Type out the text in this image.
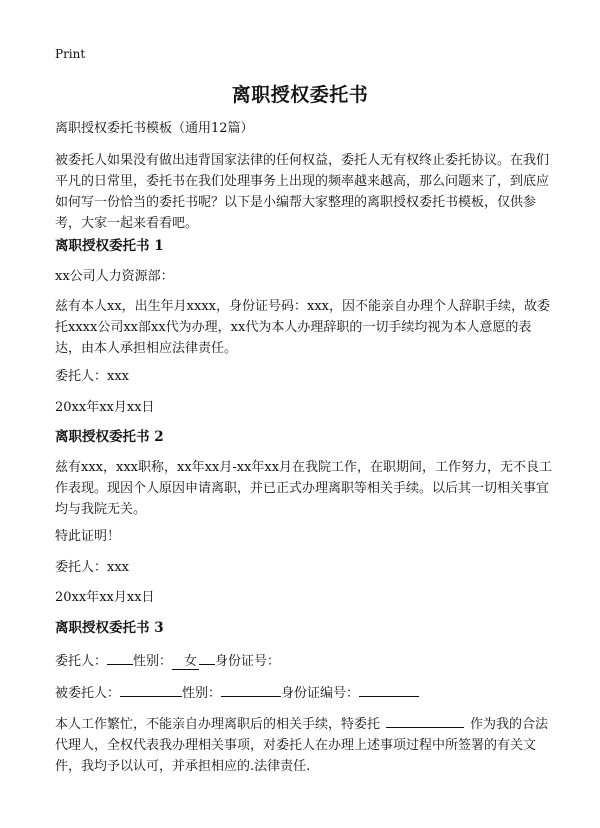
Print
离职授权委托书
离职授权委托书模板（通用12篇）
被委托人如果没有做出违背国家法律的任何权益，委托人无有权终止委托协议。在我们平凡的日常里，委托书在我们处理事务上出现的频率越来越高，那么问题来了，到底应如何写一份恰当的委托书呢？以下是小编帮大家整理的离职授权委托书模板，仅供参考，大家一起来看看吧。
离职授权委托书 1
xx公司人力资源部：
兹有本人xx，出生年月xxxx，身份证号码：xxx，因不能亲自办理个人辞职手续，故委托xxxx公司xx部xx代为办理，xx代为本人办理辞职的一切手续均视为本人意愿的表达，由本人承担相应法律责任。
委托人：xxx
20xx年xx月xx日
离职授权委托书 2
兹有xxx，xxx职称，xx年xx月-xx年xx月在我院工作，在职期间，工作努力，无不良工作表现。现因个人原因申请离职，并已正式办理离职等相关手续。以后其一切相关事宜均与我院无关。
特此证明！
委托人：xxx
20xx年xx月xx日
离职授权委托书 3
委托人： 性别： 女 身份证号：
被委托人：	性别：	身份证编号：
本人工作繁忙，不能亲自办理离职后的相关手续，特委托	作为我的合法代理人，全权代表我办理相关事项，对委托人在办理上述事项过程中所签署的有关文件，我均予以认可，并承担相应的.法律责任.
